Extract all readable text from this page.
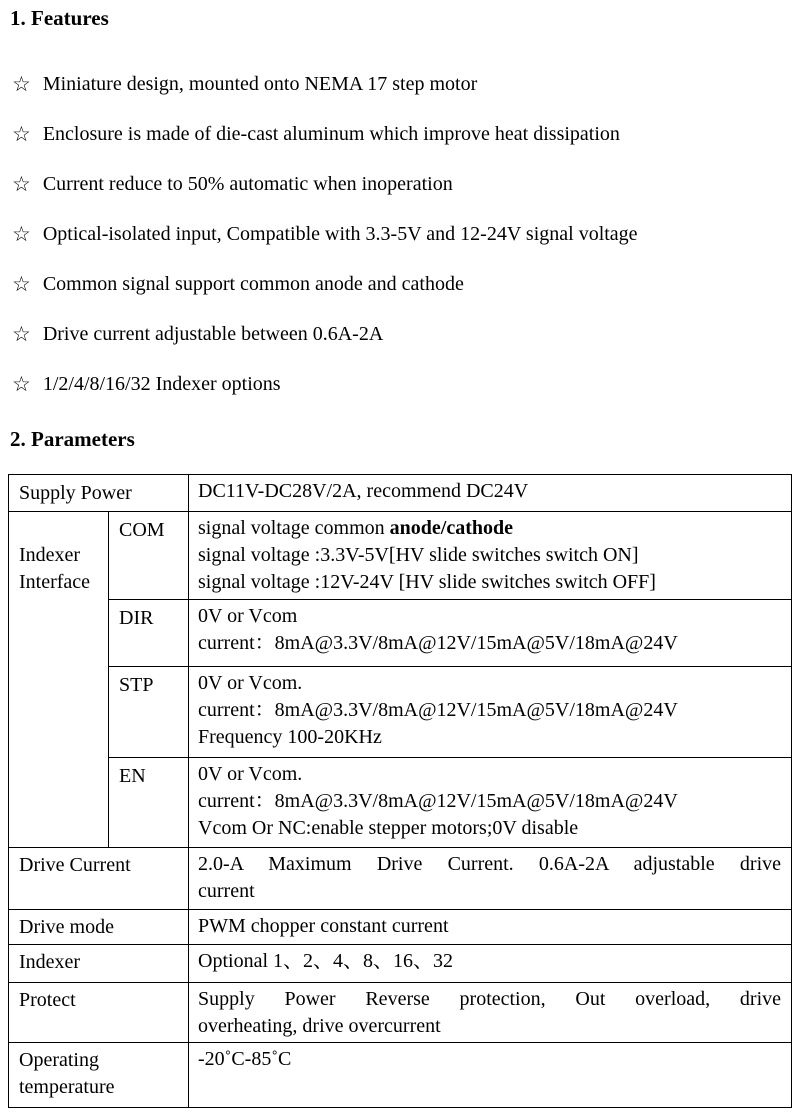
1. Features
☆ Miniature design, mounted onto NEMA 17 step motor
☆ Enclosure is made of die-cast aluminum which improve heat dissipation
☆ Current reduce to 50% automatic when inoperation
☆ Optical-isolated input, Compatible with 3.3-5V and 12-24V signal voltage
☆ Common signal support common anode and cathode
☆ Drive current adjustable between 0.6A-2A
☆ 1/2/4/8/16/32 Indexer options
2. Parameters
Supply Power		DC11V-DC28V/2A, recommend DC24V

Indexer
Interface
	COM	signal voltage common anode/cathode
signal voltage :3.3V-5V[HV slide switches switch ON]
signal voltage :12V-24V [HV slide switches switch OFF]

	DIR	0V or Vcom
current：8mA@3.3V/8mA@12V/15mA@5V/18mA@24V

	STP	0V or Vcom.
current：8mA@3.3V/8mA@12V/15mA@5V/18mA@24V
Frequency 100-20KHz

	EN	0V or Vcom.
current：8mA@3.3V/8mA@12V/15mA@5V/18mA@24V
Vcom Or NC:enable stepper motors;0V disable

Drive Current		2.0-A Maximum Drive Current. 0.6A-2A adjustable drive
current

Drive mode		PWM chopper constant current
Indexer		Optional 1、2、4、8、16、32
Protect		Supply Power Reverse protection, Out overload, drive
overheating, drive overcurrent

Operating
temperature		-20˚C-85˚C
